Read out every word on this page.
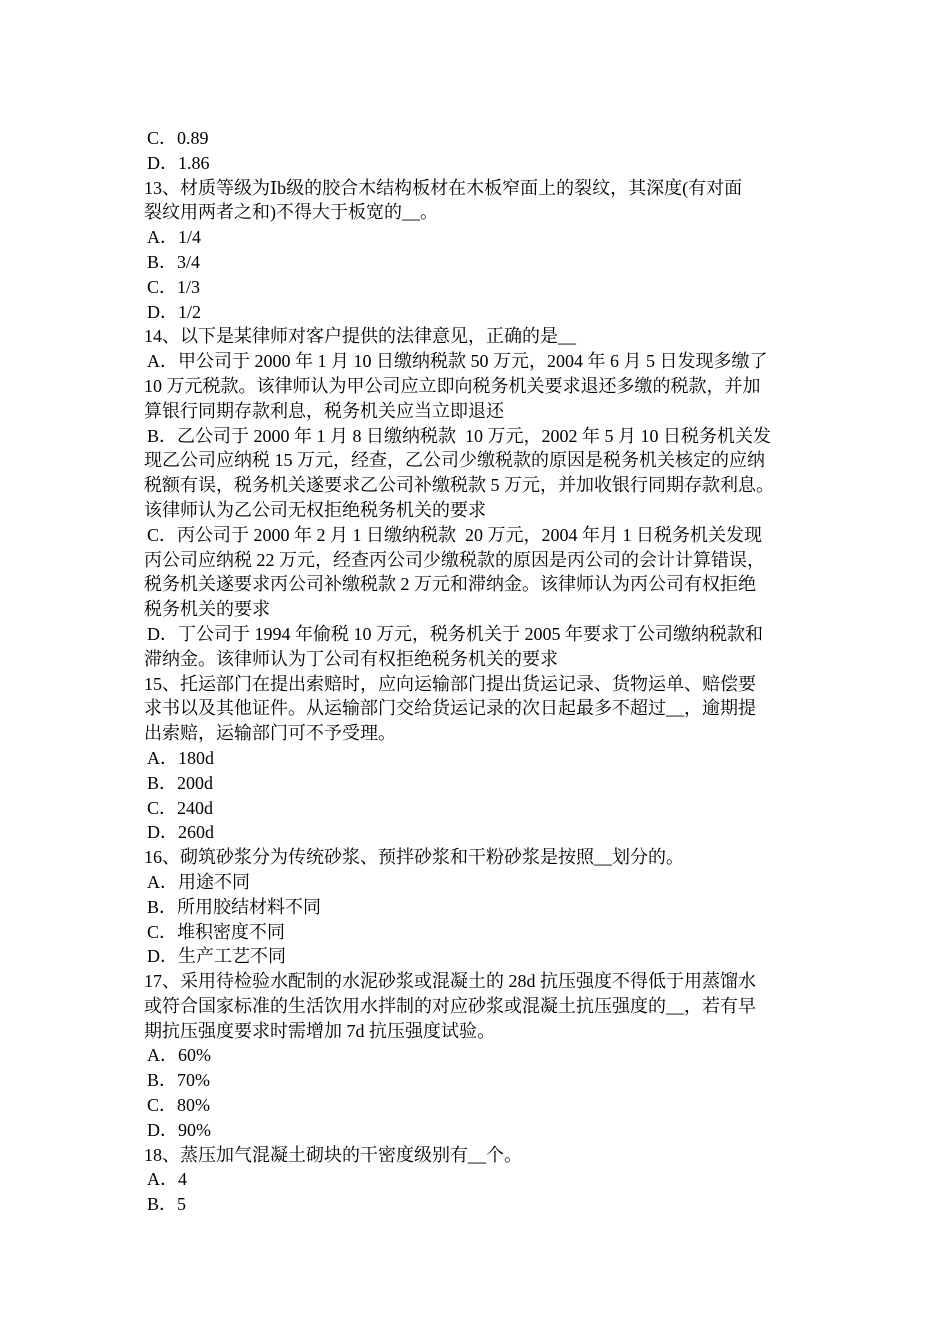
C．0.89
D．1.86
13、材质等级为Ⅰb级的胶合木结构板材在木板窄面上的裂纹，其深度(有对面
裂纹用两者之和)不得大于板宽的__。
A．1/4
B．3/4
C．1/3
D．1/2
14、以下是某律师对客户提供的法律意见，正确的是__
A．甲公司于 2000 年 1 月 10 日缴纳税款 50 万元，2004 年 6 月 5 日发现多缴了
10 万元税款。该律师认为甲公司应立即向税务机关要求退还多缴的税款，并加
算银行同期存款利息，税务机关应当立即退还
B．乙公司于 2000 年 1 月 8 日缴纳税款  10 万元，2002 年 5 月 10 日税务机关发
现乙公司应纳税 15 万元，经查，乙公司少缴税款的原因是税务机关核定的应纳
税额有误，税务机关遂要求乙公司补缴税款 5 万元，并加收银行同期存款利息。
该律师认为乙公司无权拒绝税务机关的要求
C．丙公司于 2000 年 2 月 1 日缴纳税款  20 万元，2004 年月 1 日税务机关发现
丙公司应纳税 22 万元，经查丙公司少缴税款的原因是丙公司的会计计算错误，
税务机关遂要求丙公司补缴税款 2 万元和滞纳金。该律师认为丙公司有权拒绝
税务机关的要求
D．丁公司于 1994 年偷税 10 万元，税务机关于 2005 年要求丁公司缴纳税款和
滞纳金。该律师认为丁公司有权拒绝税务机关的要求
15、托运部门在提出索赔时，应向运输部门提出货运记录、货物运单、赔偿要
求书以及其他证件。从运输部门交给货运记录的次日起最多不超过__，逾期提
出索赔，运输部门可不予受理。
A．180d
B．200d
C．240d
D．260d
16、砌筑砂浆分为传统砂浆、预拌砂浆和干粉砂浆是按照__划分的。
A．用途不同
B．所用胶结材料不同
C．堆积密度不同
D．生产工艺不同
17、采用待检验水配制的水泥砂浆或混凝土的 28d 抗压强度不得低于用蒸馏水
或符合国家标准的生活饮用水拌制的对应砂浆或混凝土抗压强度的__，若有早
期抗压强度要求时需增加 7d 抗压强度试验。
A．60%
B．70%
C．80%
D．90%
18、蒸压加气混凝土砌块的干密度级别有__个。
A．4
B．5
